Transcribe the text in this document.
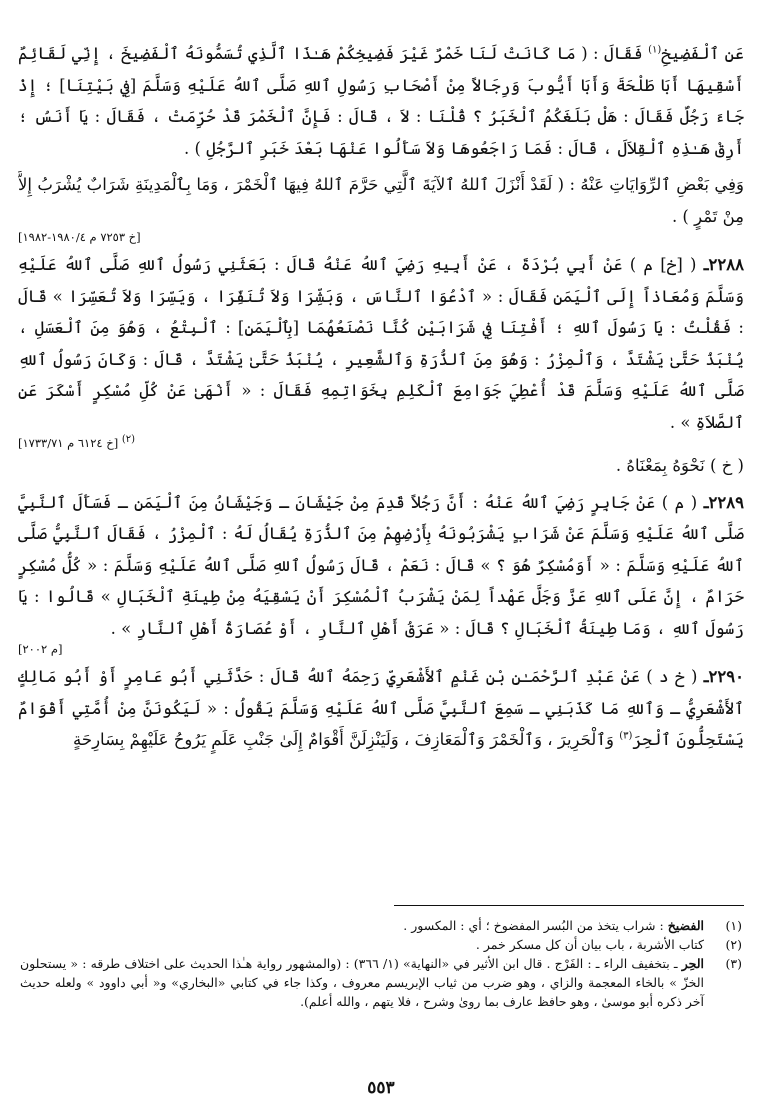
عَنِ ٱلْفَضِيخِ$^{(١)}$ فَقَالَ : ( مَا كَانَتْ لَنَا خَمْرٌ غَيْرَ فَضِيخِكُمْ هَـٰذَا ٱلَّذِي تُسَمُّونَهُ ٱلْفَضِيخَ ، إِنِّي لَقَائِمٌ أَسْقِيهَا أَبَا طَلْحَةَ وَأَبَا أَيُّوبَ وَرِجَالاً مِنْ أَصْحَابِ رَسُولِ ٱللهِ صَلَّى ٱللهُ عَلَيْهِ وَسَلَّمَ [فِي بَيْتِنَا] ؛ إِذْ جَاءَ رَجُلٌ فَقَالَ : هَلْ بَلَغَكُمُ ٱلْخَبَرُ ؟ قُلْنَا : لاَ ، قَالَ : فَإِنَّ ٱلْخَمْرَ قَدْ حُرِّمَتْ ، فَقَالَ : يَا أَنَسُ ؛ أَرِقْ هَـٰذِهِ ٱلْقِلاَلَ ، قَالَ : فَمَا رَاجَعُوهَا وَلاَ سَأَلُوا عَنْهَا بَعْدَ خَبَرِ ٱلرَّجُلِ ) .

وَفِي بَعْضِ ٱلرِّوَايَاتِ عَنْهُ : ( لَقَدْ أَنْزَلَ ٱللهُ ٱلآيَةَ ٱلَّتِي حَرَّمَ ٱللهُ فِيهَا ٱلْخَمْرَ ، وَمَا بِٱلْمَدِينَةِ شَرَابٌ يُشْرَبُ إِلاَّ مِنْ تَمْرٍ ) .

[خ ٧٢٥٣ م ١٩٨٠/٤-١٩٨٢]

٢٢٨٨ـ ( [خ] م ) عَنْ أَبِي بُرْدَةَ ، عَنْ أَبِيهِ رَضِيَ ٱللهُ عَنْهُ قَالَ : بَعَثَنِي رَسُولُ ٱللهِ صَلَّى ٱللهُ عَلَيْهِ وَسَلَّمَ وَمُعَاذاً إِلَى ٱلْيَمَنِ فَقَالَ : « ٱدْعُوَا ٱلنَّاسَ ، وَبَشِّرَا وَلاَ تُنَفِّرَا ، وَيَسِّرَا وَلاَ تُعَسِّرَا » قَالَ : فَقُلْتُ : يَا رَسُولَ ٱللهِ ؛ أَفْتِنَا فِي شَرَابَيْنِ كُنَّا نَصْنَعُهُمَا [بِٱلْيَمَنِ] : ٱلْبِتْعُ ، وَهُوَ مِنَ ٱلْعَسَلِ ، يُنْبَذُ حَتَّىٰ يَشْتَدَّ ، وَٱلْمِزْرُ : وَهُوَ مِنَ ٱلذُّرَةِ وَٱلشَّعِيرِ ، يُنْبَذُ حَتَّىٰ يَشْتَدَّ ، قَالَ : وَكَانَ رَسُولُ ٱللهِ صَلَّى ٱللهُ عَلَيْهِ وَسَلَّمَ قَدْ أُعْطِيَ جَوَامِعَ ٱلْكَلِمِ بِخَوَاتِمِهِ فَقَالَ : « أَنْهَىٰ عَنْ كُلِّ مُسْكِرٍ أَسْكَرَ عَنِ ٱلصَّلاَةِ » .

[خ ٦١٢٤ م ١٧٣٣/٧١] (٢)

( خ ) نَحْوَهُ بِمَعْنَاهُ .

٢٢٨٩ـ ( م ) عَنْ جَابِرٍ رَضِيَ ٱللهُ عَنْهُ : أَنَّ رَجُلاً قَدِمَ مِنْ جَيْشَانَ ـ وَجَيْشَانُ مِنَ ٱلْيَمَنِ ـ فَسَأَلَ ٱلنَّبِيَّ صَلَّى ٱللهُ عَلَيْهِ وَسَلَّمَ عَنْ شَرَابٍ يَشْرَبُونَهُ بِأَرْضِهِمْ مِنَ ٱلذُّرَةِ يُقَالُ لَهُ : ٱلْمِزْرُ ، فَقَالَ ٱلنَّبِيُّ صَلَّى ٱللهُ عَلَيْهِ وَسَلَّمَ : « أَوَمُسْكِرٌ هُوَ ؟ » قَالَ : نَعَمْ ، قَالَ رَسُولُ ٱللهِ صَلَّى ٱللهُ عَلَيْهِ وَسَلَّمَ : « كُلُّ مُسْكِرٍ حَرَامٌ ، إِنَّ عَلَى ٱللهِ عَزَّ وَجَلَّ عَهْداً لِمَنْ يَشْرَبُ ٱلْمُسْكِرَ أَنْ يَسْقِيَهُ مِنْ طِينَةِ ٱلْخَبَالِ » قَالُوا : يَا رَسُولَ ٱللهِ ، وَمَا طِينَةُ ٱلْخَبَالِ ؟ قَالَ : « عَرَقُ أَهْلِ ٱلنَّارِ ، أَوْ عُصَارَةُ أَهْلِ ٱلنَّارِ » .

[م ٢٠٠٢]

٢٢٩٠ـ ( خ د ) عَنْ عَبْدِ ٱلرَّحْمَـٰنِ بْنِ غَنْمٍ ٱلأَشْعَرِيِّ رَحِمَهُ ٱللهُ قَالَ : حَدَّثَنِي أَبُو عَامِرٍ أَوْ أَبُو مَالِكٍ ٱلأَشْعَرِيُّ ـ وَٱللهِ مَا كَذَبَنِي ـ سَمِعَ ٱلنَّبِيَّ صَلَّى ٱللهُ عَلَيْهِ وَسَلَّمَ يَقُولُ : « لَيَكُونَنَّ مِنْ أُمَّتِي أَقْوَامٌ يَسْتَحِلُّونَ ٱلْحِرَ$^{(٣)}$ وَٱلْحَرِيرَ ، وَٱلْخَمْرَ وَٱلْمَعَازِفَ ، وَلَيَنْزِلَنَّ أَقْوَامٌ إِلَىٰ جَنْبِ عَلَمٍ يَرُوحُ عَلَيْهِمْ بِسَارِحَةٍ

(١)
الفضيخ : شراب يتخذ من البُسر المفضوخ ؛ أي : المكسور .
(٢)
كتاب الأشربة ، باب بيان أن كل مسكر خمر .
(٣)
الحِر ـ بتخفيف الراء ـ : الفَرْج . قال ابن الأثير في «النهاية» (١/ ٣٦٦) : (والمشهور رواية هـٰذا الحديث على اختلاف طرقه : « يستحلون الخزّ » بالخاء المعجمة والزاي ، وهو ضرب من ثياب الإبريسم معروف ، وكذا جاء في كتابي «البخاري» و« أبي داوود » ولعله حديث آخر ذكره أبو موسىٰ ، وهو حافظ عارف بما روىٰ وشرح ، فلا يتهم ، والله أعلم).
٥٥٣
